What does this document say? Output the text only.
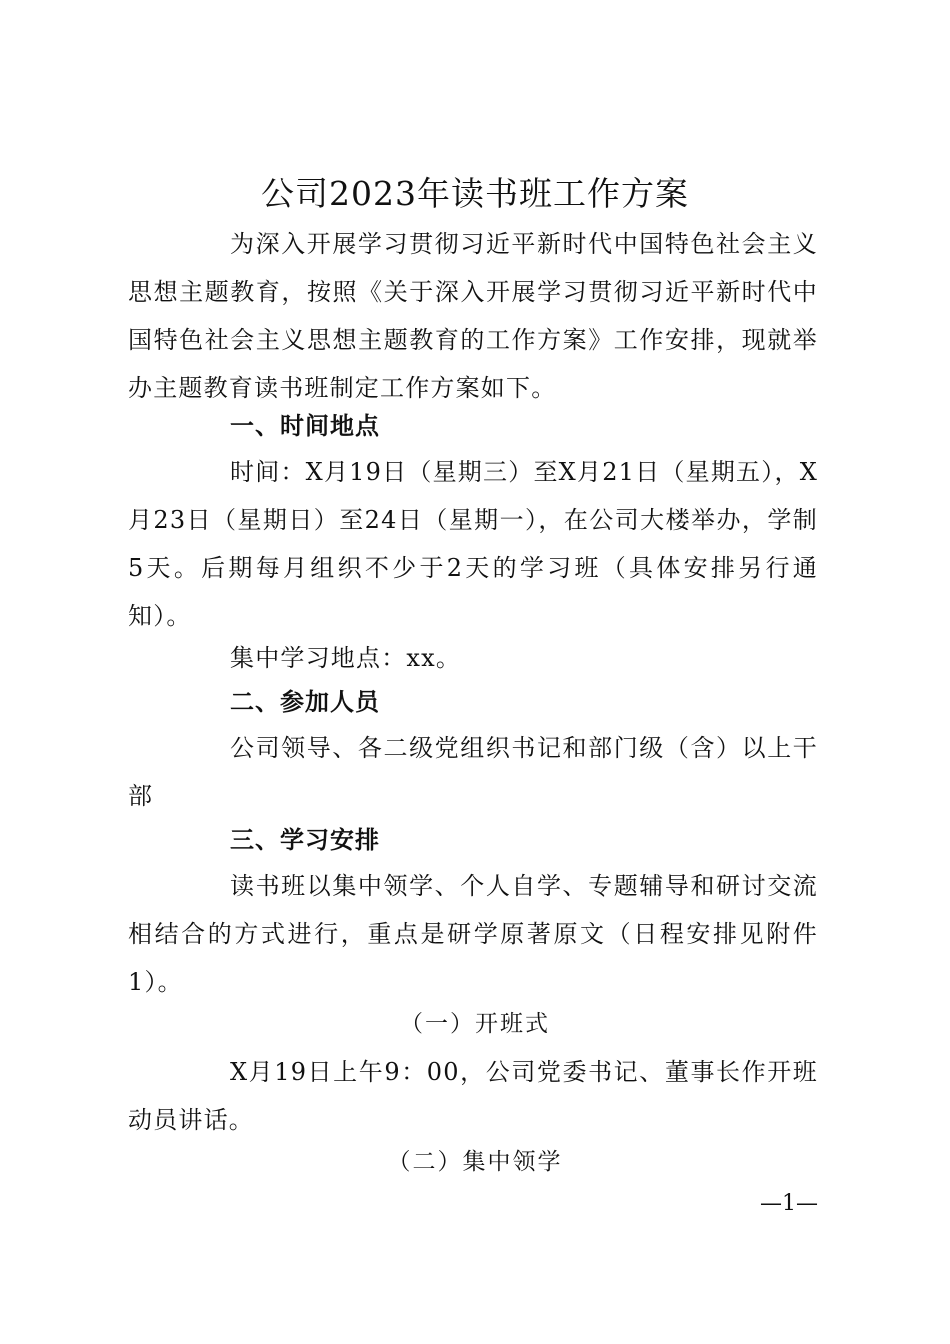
公司2023年读书班工作方案

为深入开展学习贯彻习近平新时代中国特色社会主义思想主题教育，按照《关于深入开展学习贯彻习近平新时代中国特色社会主义思想主题教育的工作方案》工作安排，现就举办主题教育读书班制定工作方案如下。

一、时间地点

时间：X月19日（星期三）至X月21日（星期五），X月23日（星期日）至24日（星期一），在公司大楼举办，学制5天。后期每月组织不少于2天的学习班（具体安排另行通知）。

集中学习地点：xx。

二、参加人员

公司领导、各二级党组织书记和部门级（含）以上干部

三、学习安排

读书班以集中领学、个人自学、专题辅导和研讨交流相结合的方式进行，重点是研学原著原文（日程安排见附件1）。

（一）开班式

X月19日上午9：00，公司党委书记、董事长作开班动员讲话。

（二）集中领学
—1—
